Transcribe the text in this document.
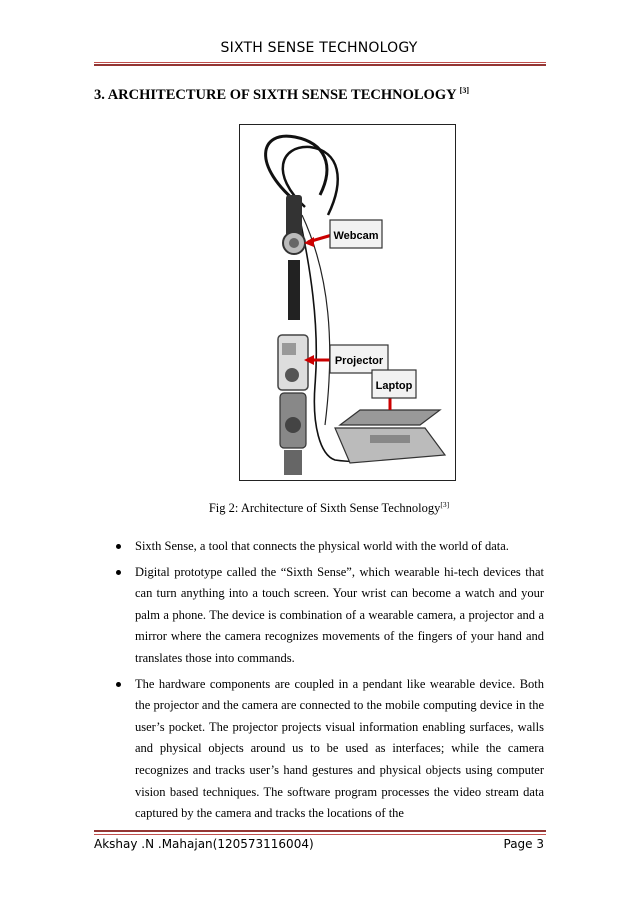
SIXTH SENSE TECHNOLOGY
3. ARCHITECTURE OF SIXTH SENSE TECHNOLOGY [3]
Webcam
Projector
Laptop
Fig 2: Architecture of Sixth Sense Technology[3]
Sixth Sense, a tool that connects the physical world with the world of data.
Digital prototype called the “Sixth Sense”, which wearable hi-tech devices that can turn anything into a touch screen. Your wrist can become a watch and your palm a phone. The device is combination of a wearable camera, a projector and a mirror where the camera recognizes movements of the fingers of your hand and translates those into commands.
The hardware components are coupled in a pendant like wearable device. Both the projector and the camera are connected to the mobile computing device in the user’s pocket. The projector projects visual information enabling surfaces, walls and physical objects around us to be used as interfaces; while the camera recognizes and tracks user’s hand gestures and physical objects using computer vision based techniques. The software program processes the video stream data captured by the camera and tracks the locations of the
Akshay .N .Mahajan(120573116004)	Page 3
